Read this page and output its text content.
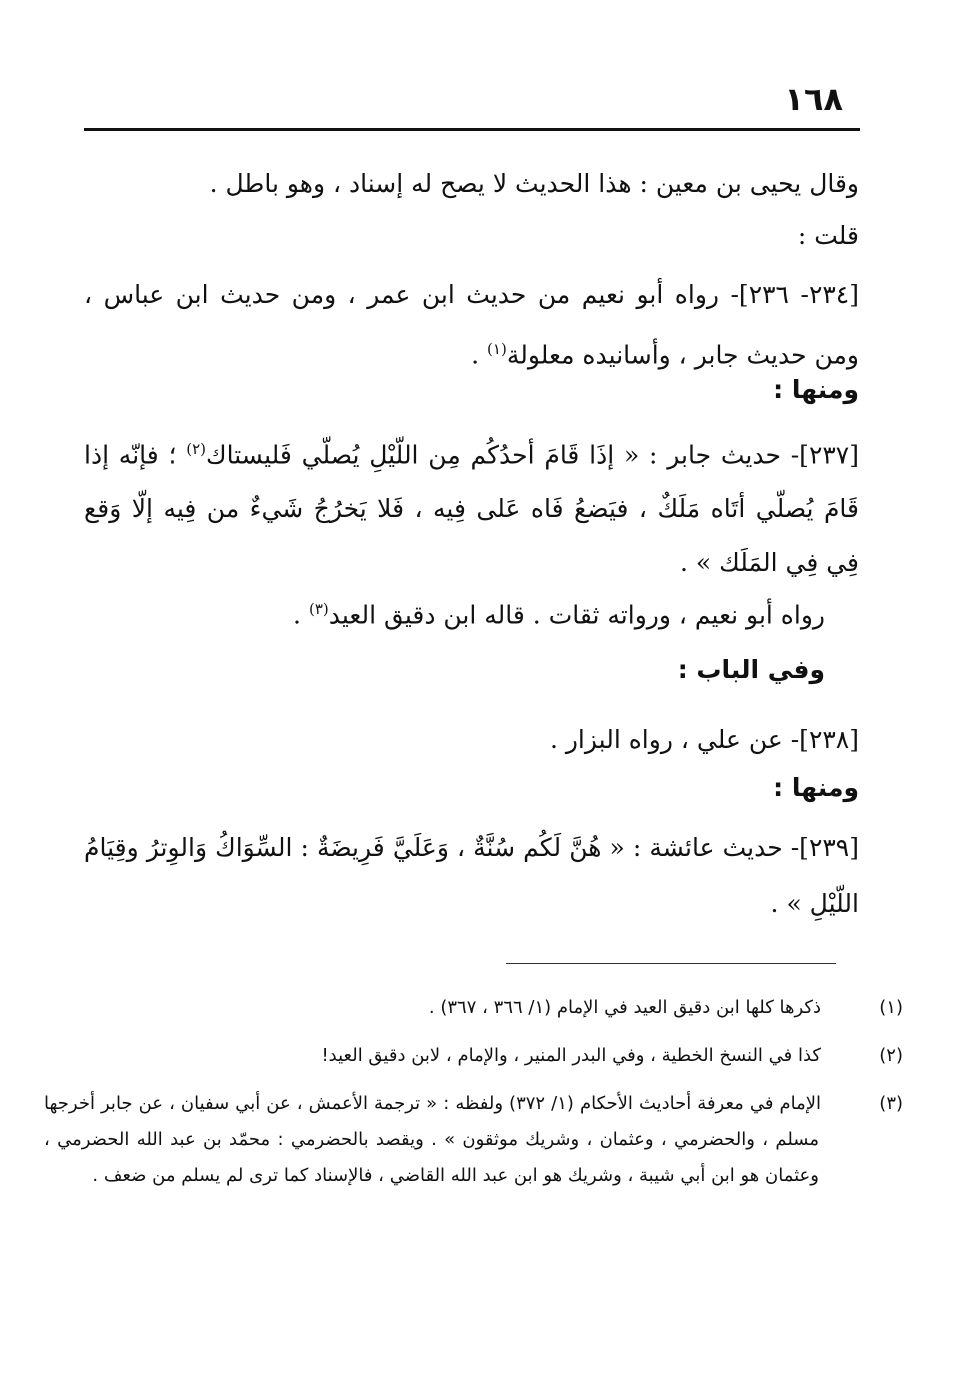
١٦٨
وقال يحيى بن معين : هذا الحديث لا يصح له إسناد ، وهو باطل .
قلت :
[٢٣٤- ٢٣٦]- رواه أبو نعيم من حديث ابن عمر ، ومن حديث ابن عباس ، ومن حديث جابر ، وأسانيده معلولة$^{(١)}$ .
ومنها :
[٢٣٧]- حديث جابر : « إذَا قَامَ أحدُكُم مِن اللّيْلِ يُصلّي فَليستاك$^{(٢)}$ ؛ فإنّه إذا قَامَ يُصلّي أتَاه مَلَكٌ ، فيَضعُ فَاه عَلى فِيه ، فَلا يَخرُجُ شَيءٌ من فِيه إلّا وَقع فِي فِي المَلَك » .
رواه أبو نعيم ، ورواته ثقات . قاله ابن دقيق العيد$^{(٣)}$ .
وفي الباب :
[٢٣٨]- عن علي ، رواه البزار .
ومنها :
[٢٣٩]- حديث عائشة : « هُنَّ لَكُم سُنَّةٌ ، وَعَلَيَّ فَرِيضَةٌ : السِّوَاكُ وَالوِترُ وقِيَامُ اللّيْلِ » .
(١)ذكرها كلها ابن دقيق العيد في الإمام (١/ ٣٦٦ ، ٣٦٧) .
(٢)كذا في النسخ الخطية ، وفي البدر المنير ، والإمام ، لابن دقيق العيد!
(٣)الإمام في معرفة أحاديث الأحكام (١/ ٣٧٢) ولفظه : « ترجمة الأعمش ، عن أبي سفيان ، عن جابر أخرجها مسلم ، والحضرمي ، وعثمان ، وشريك موثقون » . ويقصد بالحضرمي : محمّد بن عبد الله الحضرمي ، وعثمان هو ابن أبي شيبة ، وشريك هو ابن عبد الله القاضي ، فالإسناد كما ترى لم يسلم من ضعف .
